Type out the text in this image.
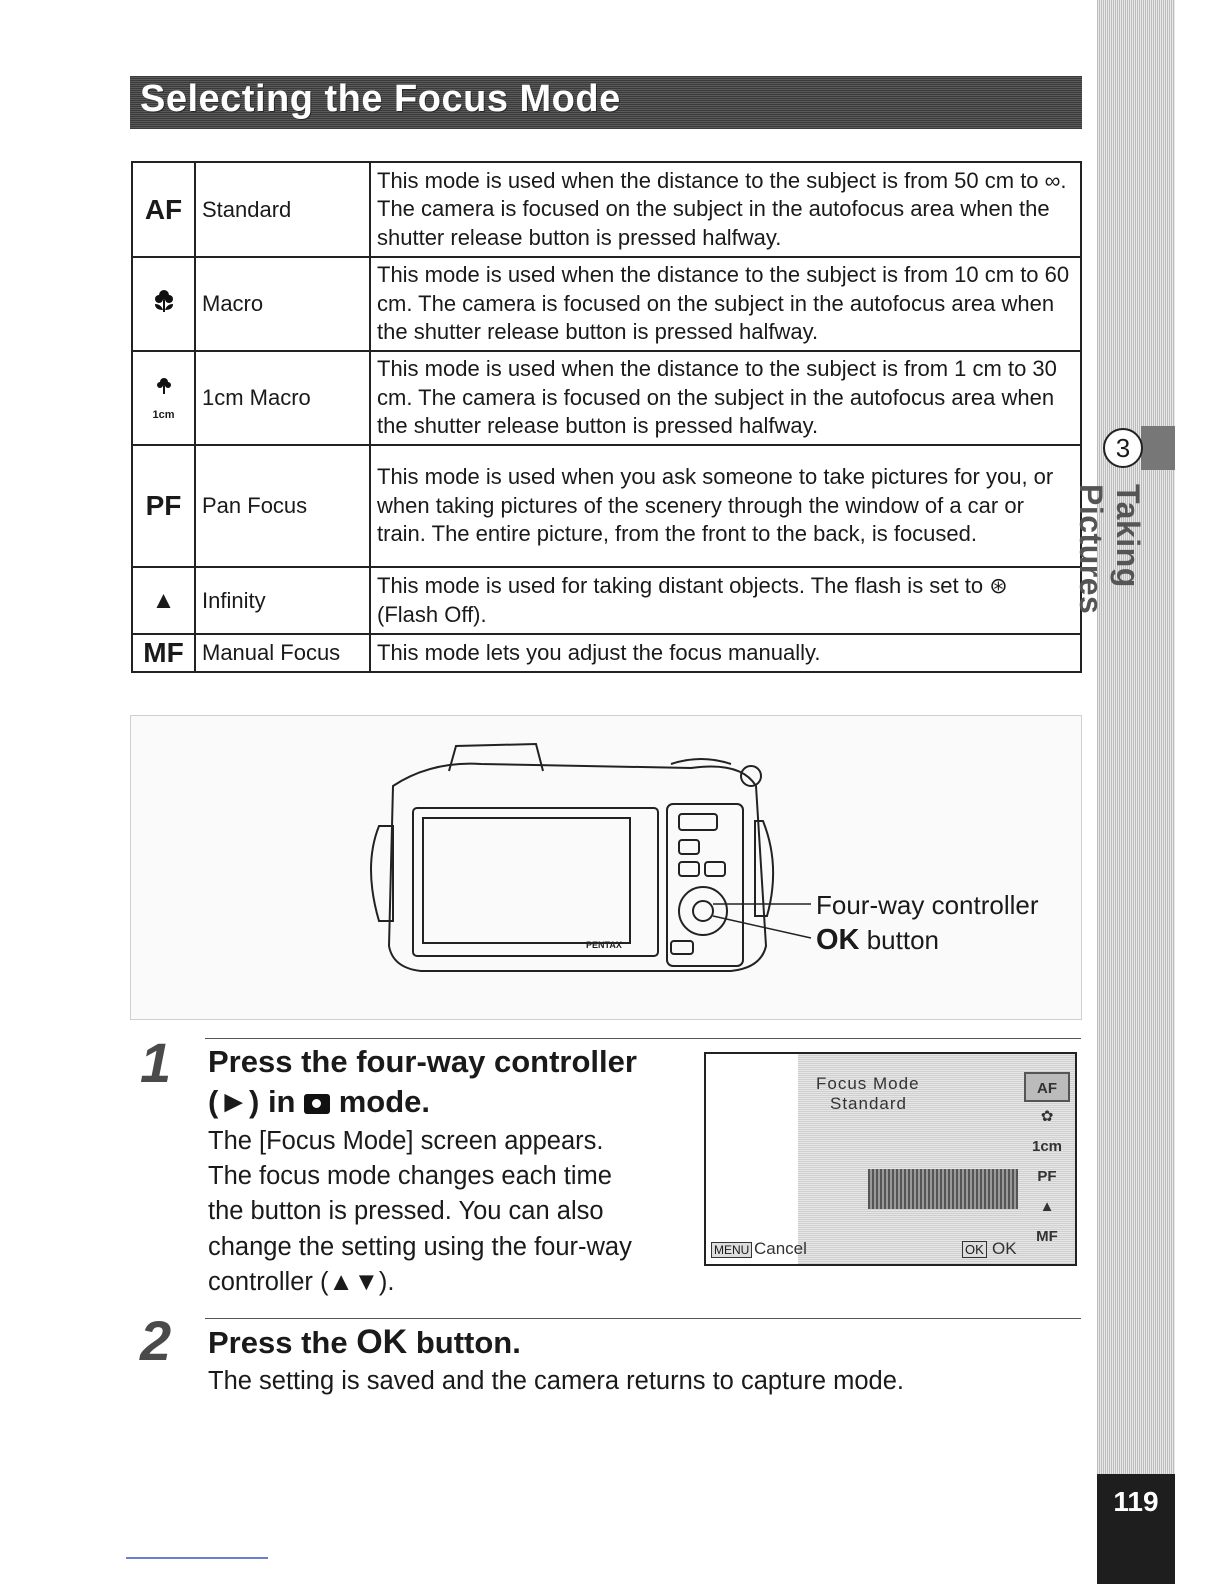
Selecting the Focus Mode
AF	Standard	This mode is used when the distance to the subject is from 50 cm to ∞. The camera is focused on the subject in the autofocus area when the shutter release button is pressed halfway.
	Macro	This mode is used when the distance to the subject is from 10 cm to 60 cm. The camera is focused on the subject in the autofocus area when the shutter release button is pressed halfway.

1cm	1cm Macro	This mode is used when the distance to the subject is from 1 cm to 30 cm. The camera is focused on the subject in the autofocus area when the shutter release button is pressed halfway.
PF	Pan Focus	This mode is used when you ask someone to take pictures for you, or when taking pictures of the scenery through the window of a car or train. The entire picture, from the front to the back, is focused.
▲	Infinity	This mode is used for taking distant objects. The flash is set to ⊛ (Flash Off).
MF	Manual Focus	This mode lets you adjust the focus manually.
PENTAX
Four-way controller
OK button
1 Press the four-way controller
(►) in  mode.
The [Focus Mode] screen appears.
The focus mode changes each time
the button is pressed. You can also
change the setting using the four-way
controller (▲▼).
Focus Mode
Standard
AF
✿
1cm
PF
▲
MF
MENU Cancel	OK OK
2 Press the OK button.
The setting is saved and the camera returns to capture mode.
3
Taking Pictures
119
